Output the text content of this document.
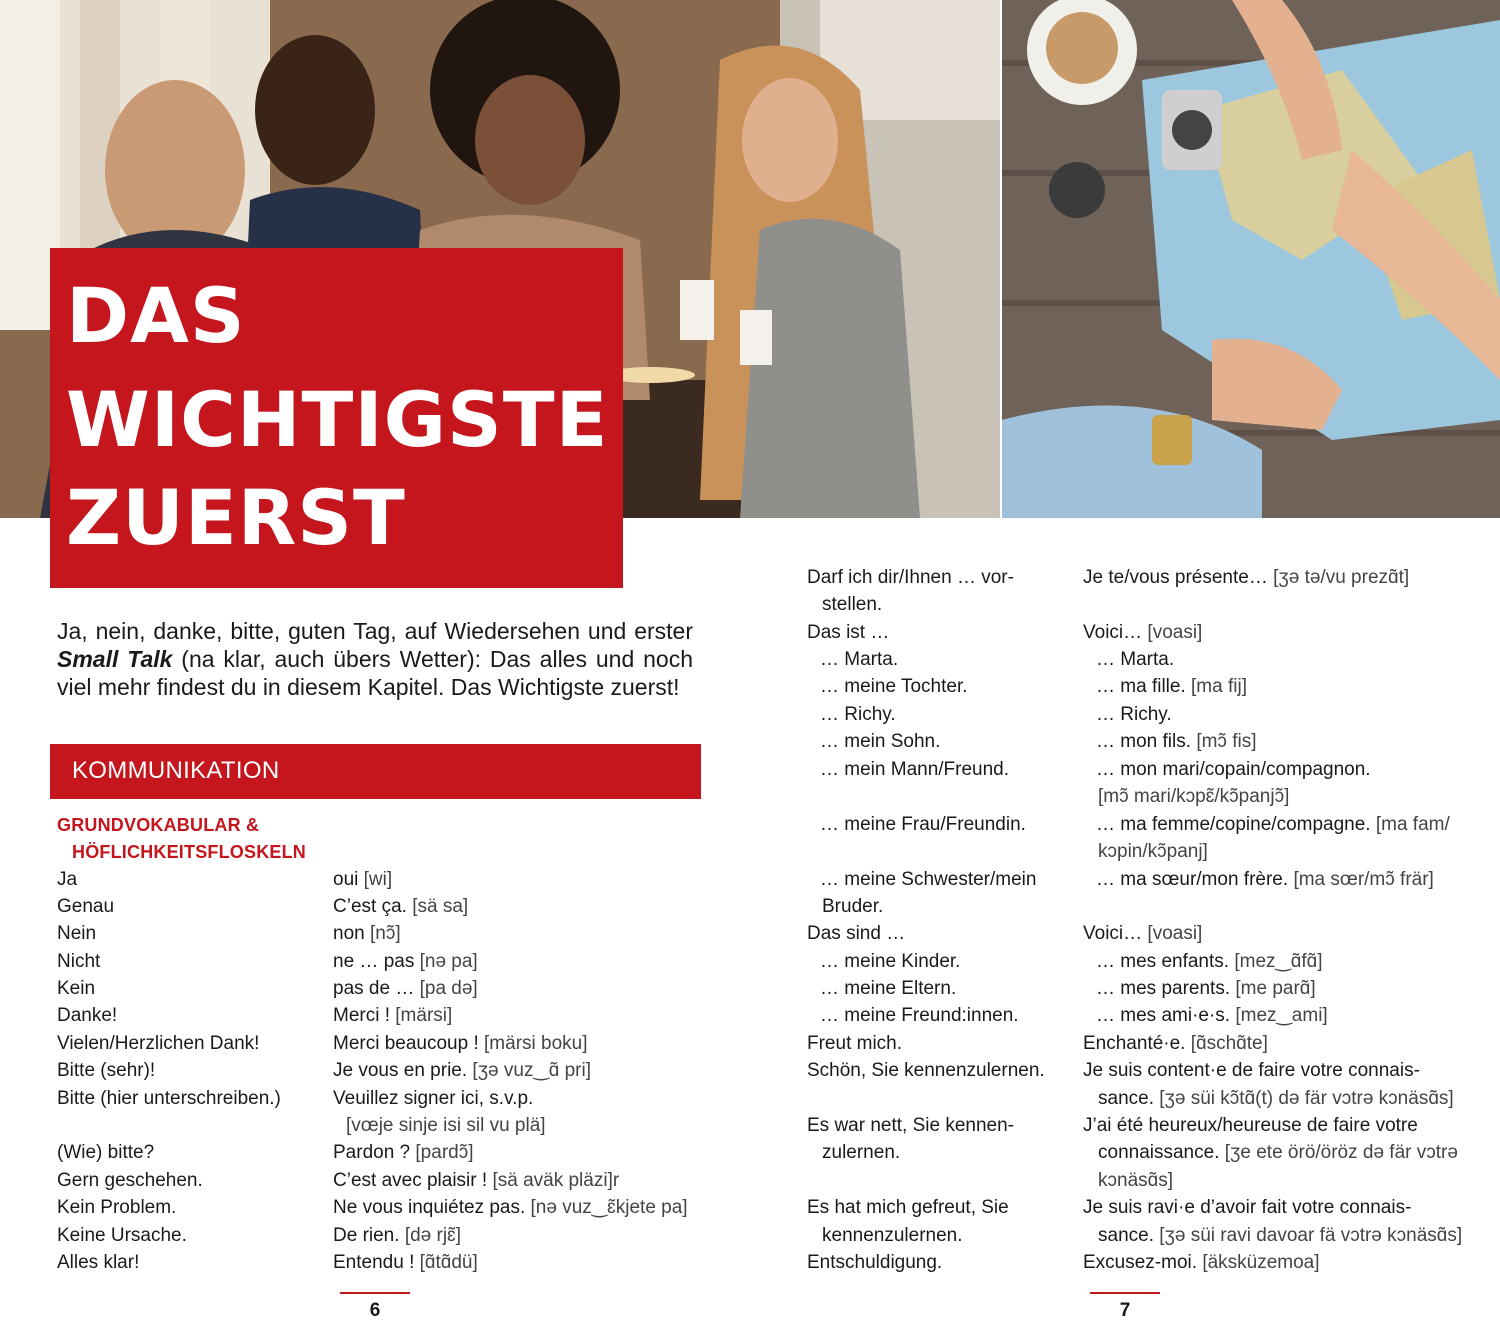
DAS
WICHTIGSTE
ZUERST

Ja, nein, danke, bitte, guten Tag, auf Wiedersehen und erster Small Talk (na klar, auch übers Wetter): Das alles und noch viel mehr findest du in diesem Kapitel. Das Wichtigste zuerst!

KOMMUNIKATION
GRUNDVOKABULAR &
HÖFLICHKEITSFLOSKELN
Ja
Genau
Nein
Nicht
Kein
Danke!
Vielen/Herzlichen Dank!
Bitte (sehr)!
Bitte (hier unterschreiben.)
(Wie) bitte?
Gern geschehen.
Kein Problem.
Keine Ursache.
Alles klar!
oui [wi]
C’est ça. [sä sa]
non [nɔ̃]
ne … pas [nə pa]
pas de … [pa də]
Merci ! [märsi]
Merci beaucoup ! [märsi boku]
Je vous en prie. [ʒə vuz‿ɑ̃ pri]
Veuillez signer ici, s.v.p.
[vœje sinje isi sil vu plä]
Pardon ? [pardɔ̃]
C’est avec plaisir ! [sä aväk pläzi]r
Ne vous inquiétez pas. [nə vuz‿ɛ̃kjete pa]
De rien. [də rjɛ̃]
Entendu ! [ɑ̃tɑ̃dü]
Darf ich dir/Ihnen … vor-
stellen.
Das ist …
… Marta.
… meine Tochter.
… Richy.
… mein Sohn.
… mein Mann/Freund.
… meine Frau/Freundin.
… meine Schwester/mein
Bruder.
Das sind …
… meine Kinder.
… meine Eltern.
… meine Freund:innen.
Freut mich.
Schön, Sie kennenzulernen.
Es war nett, Sie kennen-
zulernen.
Es hat mich gefreut, Sie
kennenzulernen.
Entschuldigung.
Je te/vous présente… [ʒə tə/vu prezɑ̃t]
Voici… [voasi]
… Marta.
… ma fille. [ma fij]
… Richy.
… mon fils. [mɔ̃ fis]
… mon mari/copain/compagnon.
[mɔ̃ mari/kɔpɛ̃/kɔ̃panjɔ̃]
… ma femme/copine/compagne. [ma fam/
kɔpin/kɔ̃panj]
… ma sœur/mon frère. [ma sœr/mɔ̃ frär]
Voici… [voasi]
… mes enfants. [mez‿ɑ̃fɑ̃]
… mes parents. [me parɑ̃]
… mes ami·e·s. [mez‿ami]
Enchanté·e. [ɑ̃schɑ̃te]
Je suis content·e de faire votre connais-
sance. [ʒə süi kɔ̃tɑ̃(t) də fär vɔtrə kɔnäsɑ̃s]
J’ai été heureux/heureuse de faire votre
connaissance. [ʒe ete örö/öröz də fär vɔtrə
kɔnäsɑ̃s]
Je suis ravi·e d’avoir fait votre connais-
sance. [ʒə süi ravi davoar fä vɔtrə kɔnäsɑ̃s]
Excusez-moi. [äksküzemoa]
6	7
